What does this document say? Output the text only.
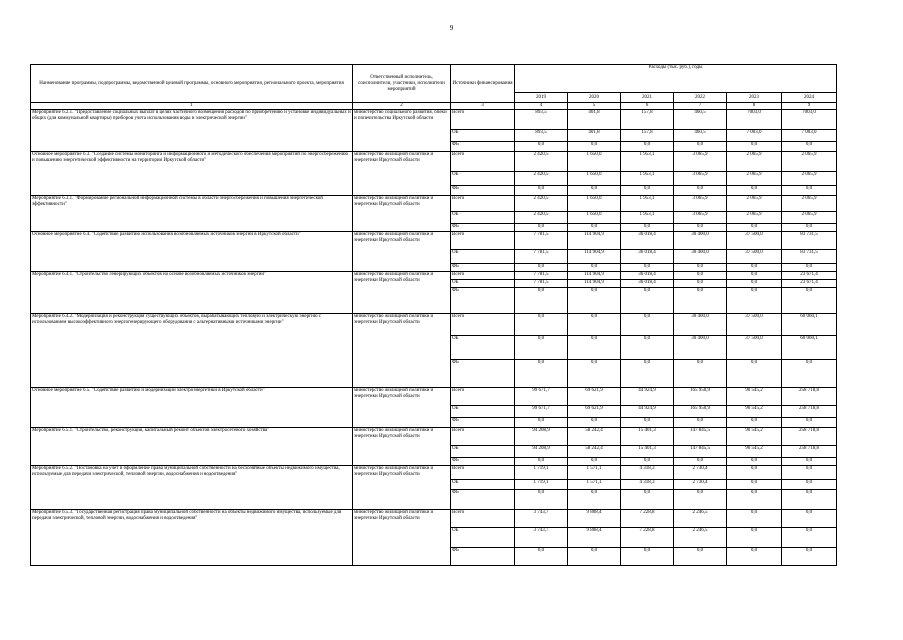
9
Наименование программы, подпрограммы, ведомственной целевой программы, основного мероприятия, регионального проекта, мероприятия	Ответственный исполнитель, соисполнители, участники, исполнители мероприятий	Источники финансирования	Расходы (тыс. руб.), годы					
			2019	2020	2021	2022	2023	2024
1	2	3	4	5	6	7	8	9
Мероприятие 6.2.1. "Предоставление социальных выплат в целях частичного возмещения расходов по приобретению и установке индивидуальных и общих (для коммунальной квартиры) приборов учета использования воды и электрической энергии"	министерство социального развития, опеки и попечительства Иркутской области	Всего	893,5	401,8	157,8	460,5	7003,0	7003,0
		ОБ	893,5	401,8	157,8	460,5	7 003,0	7 003,0
		ФБ	0,0	0,0	0,0	0,0	0,0	0,0
Основное мероприятие 6.3. "Создание системы мониторинга и информационного и методического обеспечения мероприятий по энергосбережению и повышению энергетической эффективности на территории Иркутской области"	министерство жилищной политики и энергетики Иркутской области	Всего	2 420,5	1 650,0	1 953,1	3 065,9	2 065,9	2 065,9
		ОБ	2 420,5	1 650,0	1 953,1	3 065,9	2 065,9	2 065,9
		ФБ	0,0	0,0	0,0	0,0	0,0	0,0
Мероприятие 6.3.1. "Формирование региональной информационной системы в области энергосбережения и повышения энергетической эффективности"	министерство жилищной политики и энергетики Иркутской области	Всего	2 420,5	1 650,0	1 953,1	3 065,9	2 065,9	2 065,9
		ОБ	2 420,5	1 650,0	1 953,1	3 065,9	2 065,9	2 065,9
		ФБ	0,0	0,0	0,0	0,0	0,0	0,0
Основное мероприятие 6.4. "Содействие развитию использования возобновляемых источников энергии в Иркутской области"	министерство жилищной политики и энергетики Иркутской области	Всего	7 781,5	114 904,9	36 018,4	30 400,0	37 500,0	83 731,5
		ОБ	7 781,5	114 904,9	36 018,4	30 400,0	37 500,0	83 731,5
		ФБ	0,0	0,0	0,0	0,0	0,0	0,0
Мероприятие 6.4.1. "Строительство генерирующих объектов на основе возобновляемых источников энергии"	министерство жилищной политики и энергетики Иркутской области	Всего	7 781,5	114 904,9	36 018,4	0,0	0,0	23 671,4
		ОБ	7 781,5	114 904,9	36 018,4	0,0	0,0	23 671,4
		ФБ	0,0	0,0	0,0	0,0	0,0	0,0
Мероприятие 6.4.2. "Модернизация и реконструкция существующих объектов, вырабатывающих тепловую и электрическую энергию с использованием высокоэффективного энергогенерирующего оборудования с альтернативными источниками энергии"	министерство жилищной политики и энергетики Иркутской области	Всего	0,0	0,0	0,0	30 400,0	37 500,0	60 060,1
		ОБ	0,0	0,0	0,0	30 400,0	37 500,0	60 060,1
		ФБ	0,0	0,0	0,0	0,0	0,0	0,0
Основное мероприятие 6.5. "Содействие развитию и модернизации электроэнергетики в Иркутской области"	министерство жилищной политики и энергетики Иркутской области	Всего	99 671,7	69 621,9	44 924,9	165 950,9	90 545,2	258 718,8
		ОБ	99 671,7	69 621,9	44 924,9	165 950,9	90 545,2	258 718,8
		ФБ	0,0	0,0	0,0	0,0	0,0	0,0
Мероприятие 6.5.1. "Строительство, реконструкция, капитальный ремонт объектов электросетевого хозяйства"	министерство жилищной политики и энергетики Иркутской области	Всего	94 208,9	58 242,4	15 401,3	147 845,5	90 545,2	258 718,8
		ОБ	94 208,9	58 242,4	15 401,3	147 845,5	90 545,2	258 718,8
		ФБ	0,0	0,0	0,0	0,0	0,0	0,0
Мероприятие 6.5.2. "Постановка на учет и оформление права муниципальной собственности на бесхозяйные объекты недвижимого имущества, используемые для передачи электрической, тепловой энергии, водоснабжения и водоотведения"	министерство жилищной политики и энергетики Иркутской области	Всего	1 719,1	1 571,1	4 318,3	2 730,4	0,0	0,0
		ОБ	1 719,1	1 571,1	4 318,3	2 730,4	0,0	0,0
		ФБ	0,0	0,0	0,0	0,0	0,0	0,0
Мероприятие 6.5.3. "Государственная регистрация права муниципальной собственности на объекты недвижимого имущества, используемые для передачи электрической, тепловой энергии, водоснабжения и водоотведения"	министерство жилищной политики и энергетики Иркутской области	Всего	3 743,7	9 808,4	7 228,8	2 246,5	0,0	0,0
		ОБ	3 743,7	9 808,4	7 228,8	2 246,5	0,0	0,0
		ФБ	0,0	0,0	0,0	0,0	0,0	0,0
